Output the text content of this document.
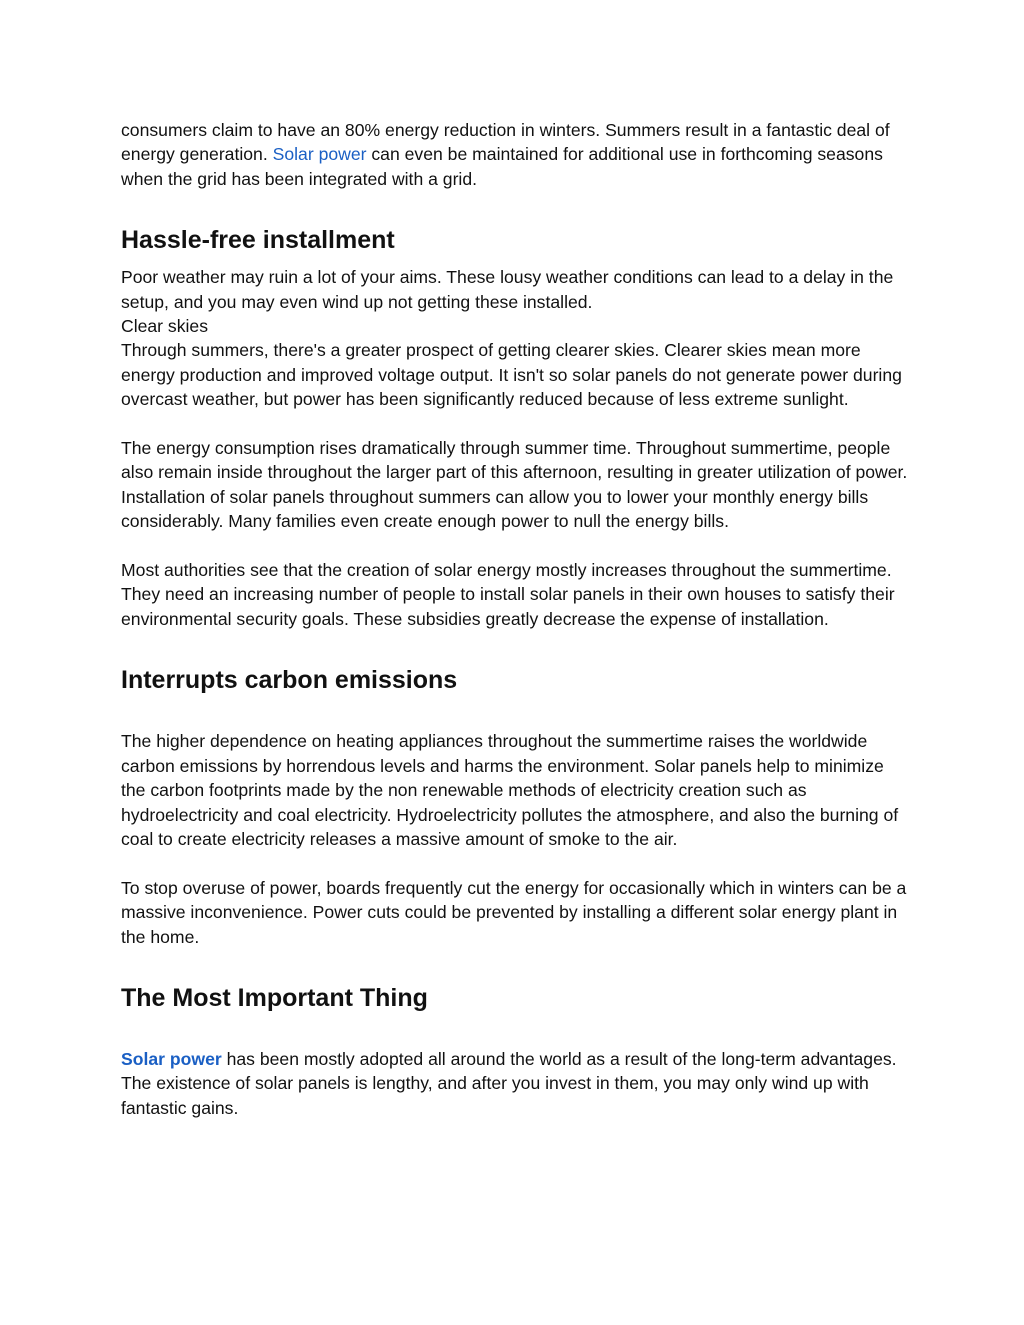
consumers claim to have an 80% energy reduction in winters. Summers result in a fantastic deal of energy generation. Solar power can even be maintained for additional use in forthcoming seasons when the grid has been integrated with a grid.

Hassle-free installment

Poor weather may ruin a lot of your aims. These lousy weather conditions can lead to a delay in the setup, and you may even wind up not getting these installed.

Clear skies

Through summers, there's a greater prospect of getting clearer skies. Clearer skies mean more energy production and improved voltage output. It isn't so solar panels do not generate power during overcast weather, but power has been significantly reduced because of less extreme sunlight.

The energy consumption rises dramatically through summer time. Throughout summertime, people also remain inside throughout the larger part of this afternoon, resulting in greater utilization of power. Installation of solar panels throughout summers can allow you to lower your monthly energy bills considerably. Many families even create enough power to null the energy bills.

Most authorities see that the creation of solar energy mostly increases throughout the summertime. They need an increasing number of people to install solar panels in their own houses to satisfy their environmental security goals. These subsidies greatly decrease the expense of installation.

Interrupts carbon emissions

The higher dependence on heating appliances throughout the summertime raises the worldwide carbon emissions by horrendous levels and harms the environment. Solar panels help to minimize the carbon footprints made by the non renewable methods of electricity creation such as hydroelectricity and coal electricity. Hydroelectricity pollutes the atmosphere, and also the burning of coal to create electricity releases a massive amount of smoke to the air.

To stop overuse of power, boards frequently cut the energy for occasionally which in winters can be a massive inconvenience. Power cuts could be prevented by installing a different solar energy plant in the home.

The Most Important Thing

Solar power has been mostly adopted all around the world as a result of the long-term advantages. The existence of solar panels is lengthy, and after you invest in them, you may only wind up with fantastic gains.
